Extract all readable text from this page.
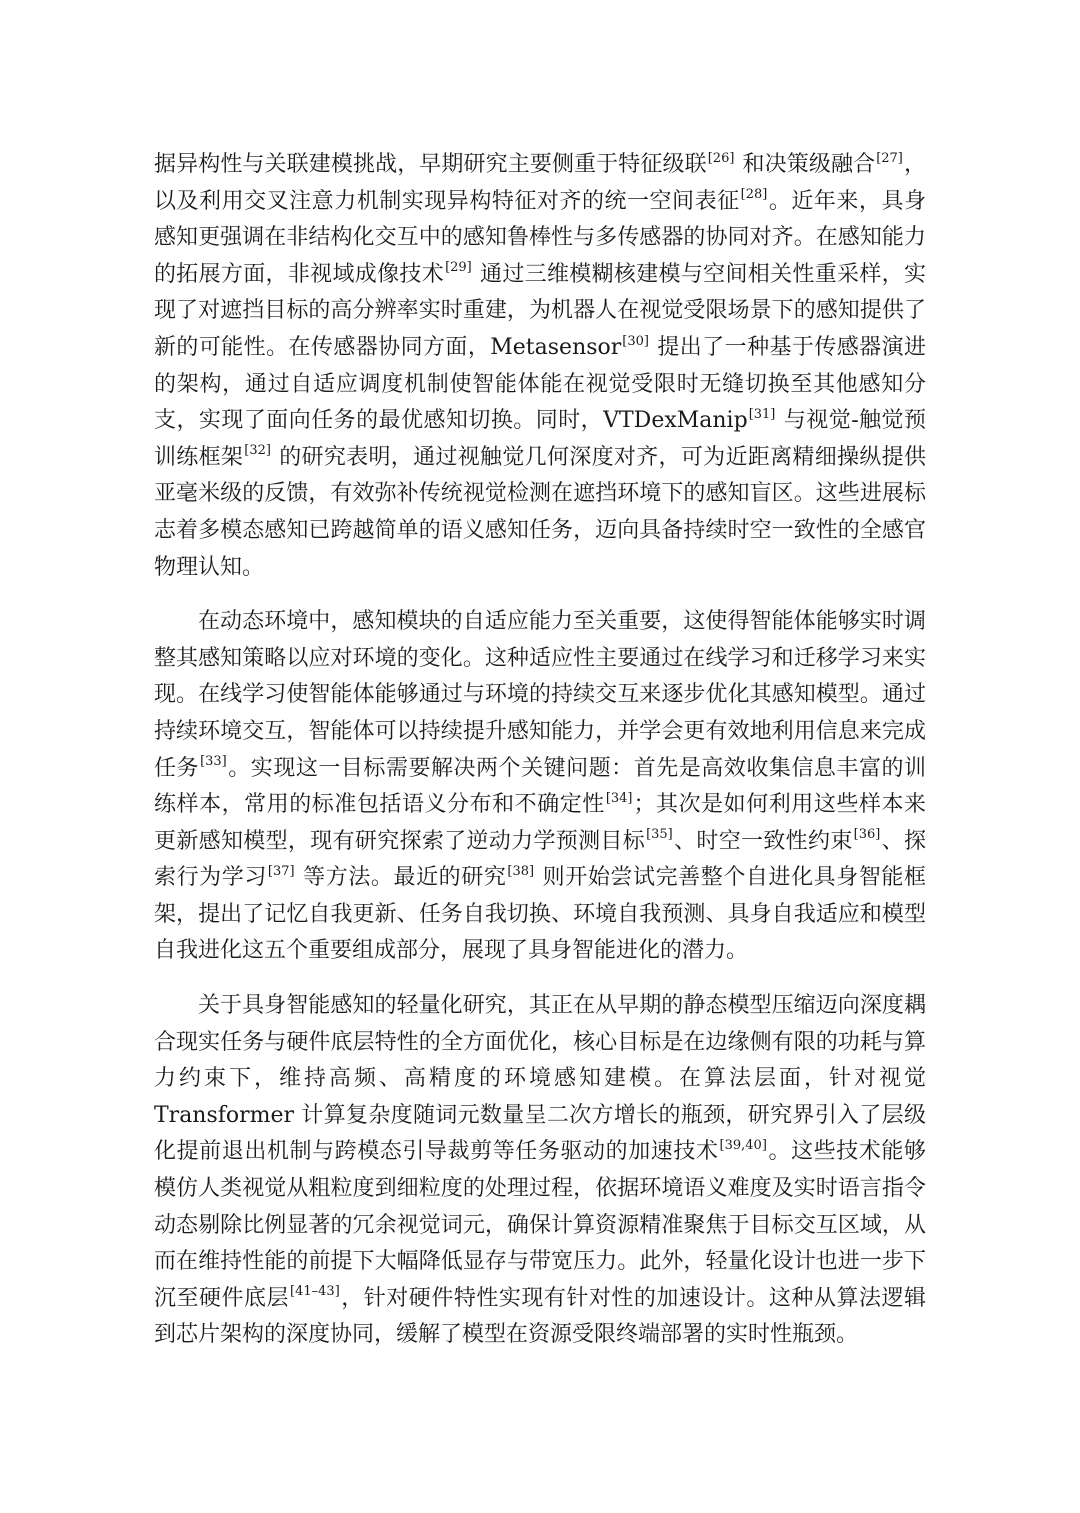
据异构性与关联建模挑战，早期研究主要侧重于特征级联[26] 和决策级融合[27]，以及利用交叉注意力机制实现异构特征对齐的统一空间表征[28]。近年来，具身感知更强调在非结构化交互中的感知鲁棒性与多传感器的协同对齐。在感知能力的拓展方面，非视域成像技术[29] 通过三维模糊核建模与空间相关性重采样，实现了对遮挡目标的高分辨率实时重建，为机器人在视觉受限场景下的感知提供了新的可能性。在传感器协同方面，Metasensor[30] 提出了一种基于传感器演进的架构，通过自适应调度机制使智能体能在视觉受限时无缝切换至其他感知分支，实现了面向任务的最优感知切换。同时，VTDexManip[31] 与视觉-触觉预训练框架[32] 的研究表明，通过视触觉几何深度对齐，可为近距离精细操纵提供亚毫米级的反馈，有效弥补传统视觉检测在遮挡环境下的感知盲区。这些进展标志着多模态感知已跨越简单的语义感知任务，迈向具备持续时空一致性的全感官物理认知。

在动态环境中，感知模块的自适应能力至关重要，这使得智能体能够实时调整其感知策略以应对环境的变化。这种适应性主要通过在线学习和迁移学习来实现。在线学习使智能体能够通过与环境的持续交互来逐步优化其感知模型。通过持续环境交互，智能体可以持续提升感知能力，并学会更有效地利用信息来完成任务[33]。实现这一目标需要解决两个关键问题：首先是高效收集信息丰富的训练样本，常用的标准包括语义分布和不确定性[34]；其次是如何利用这些样本来更新感知模型，现有研究探索了逆动力学预测目标[35]、时空一致性约束[36]、探索行为学习[37] 等方法。最近的研究[38] 则开始尝试完善整个自进化具身智能框架，提出了记忆自我更新、任务自我切换、环境自我预测、具身自我适应和模型自我进化这五个重要组成部分，展现了具身智能进化的潜力。

关于具身智能感知的轻量化研究，其正在从早期的静态模型压缩迈向深度耦合现实任务与硬件底层特性的全方面优化，核心目标是在边缘侧有限的功耗与算力约束下，维持高频、高精度的环境感知建模。在算法层面，针对视觉 Transformer 计算复杂度随词元数量呈二次方增长的瓶颈，研究界引入了层级化提前退出机制与跨模态引导裁剪等任务驱动的加速技术[39,40]。这些技术能够模仿人类视觉从粗粒度到细粒度的处理过程，依据环境语义难度及实时语言指令动态剔除比例显著的冗余视觉词元，确保计算资源精准聚焦于目标交互区域，从而在维持性能的前提下大幅降低显存与带宽压力。此外，轻量化设计也进一步下沉至硬件底层[41–43]，针对硬件特性实现有针对性的加速设计。这种从算法逻辑到芯片架构的深度协同，缓解了模型在资源受限终端部署的实时性瓶颈。
